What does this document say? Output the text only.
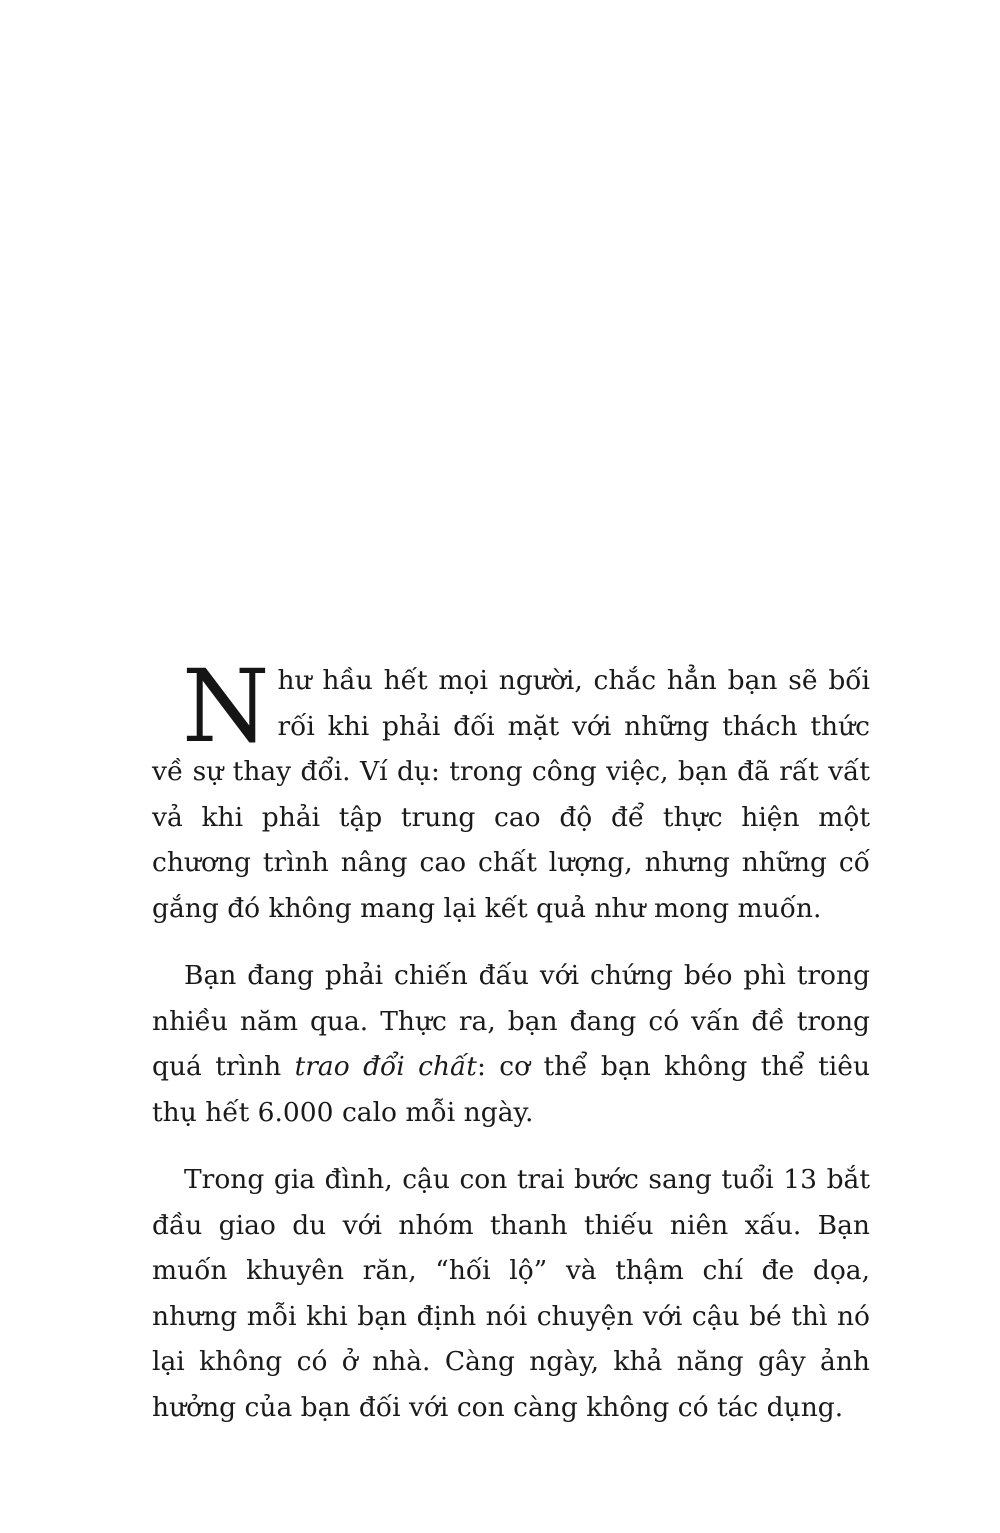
Như hầu hết mọi người, chắc hẳn bạn sẽ bối rối khi phải đối mặt với những thách thức về sự thay đổi. Ví dụ: trong công việc, bạn đã rất vất vả khi phải tập trung cao độ để thực hiện một chương trình nâng cao chất lượng, nhưng những cố gắng đó không mang lại kết quả như mong muốn.

Bạn đang phải chiến đấu với chứng béo phì trong nhiều năm qua. Thực ra, bạn đang có vấn đề trong quá trình trao đổi chất: cơ thể bạn không thể tiêu thụ hết 6.000 calo mỗi ngày.

Trong gia đình, cậu con trai bước sang tuổi 13 bắt đầu giao du với nhóm thanh thiếu niên xấu. Bạn muốn khuyên răn, “hối lộ” và thậm chí đe dọa, nhưng mỗi khi bạn định nói chuyện với cậu bé thì nó lại không có ở nhà. Càng ngày, khả năng gây ảnh hưởng của bạn đối với con càng không có tác dụng.
